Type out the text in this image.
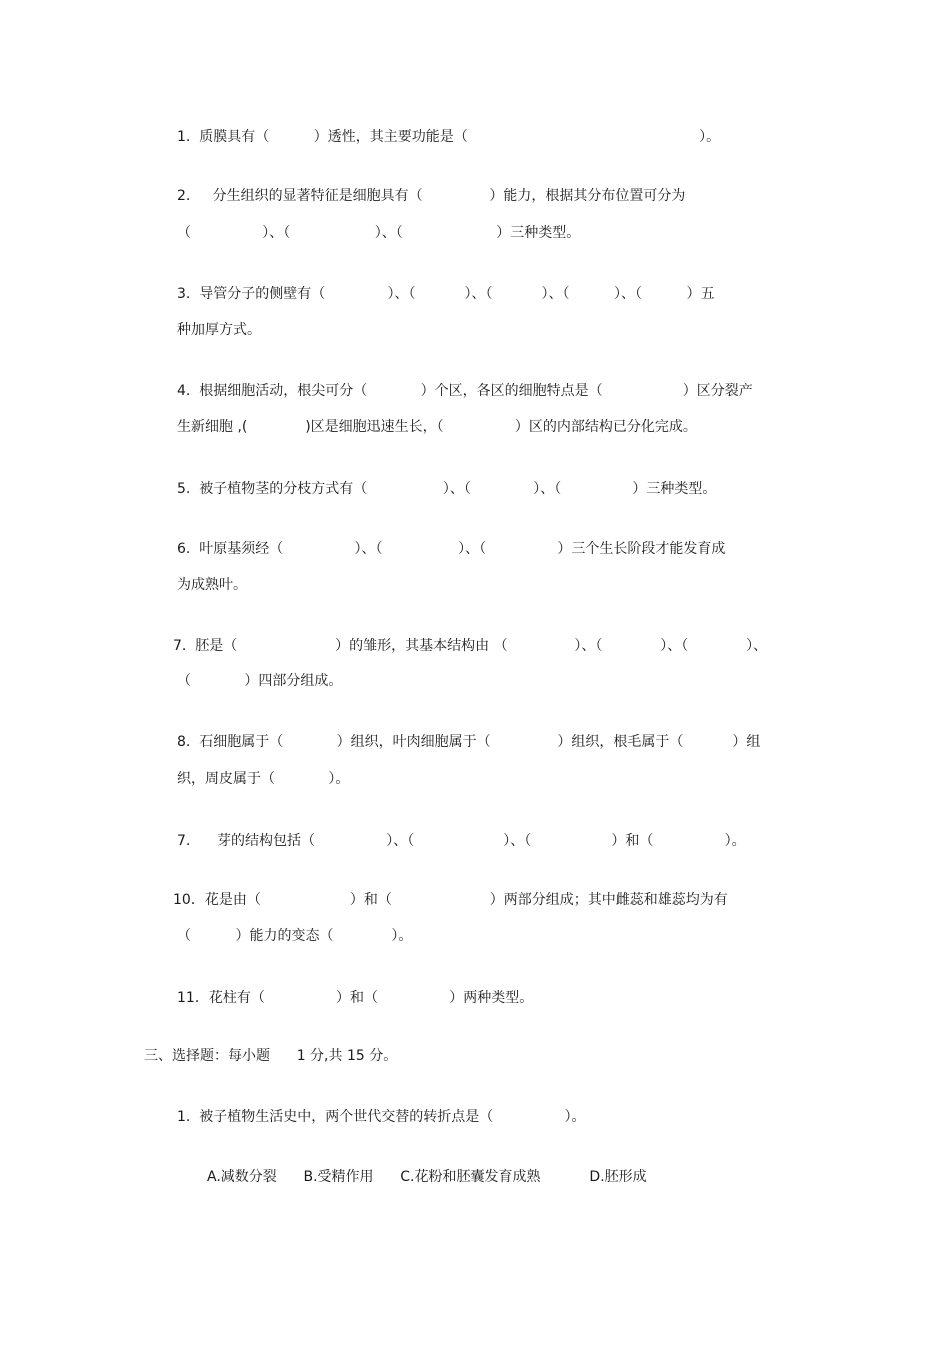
1.  质膜具有（          ）透性，其主要功能是（                                                    ）。
2.     分生组织的显著特征是细胞具有（               ）能力，根据其分布位置可分为
（                ）、（                   ）、（                     ）三种类型。
3.  导管分子的侧壁有（              ）、（           ）、（           ）、（          ）、（          ）五
种加厚方式。
4.  根据细胞活动，根尖可分（            ）个区，各区的细胞特点是（                  ）区分裂产
生新细胞 ,(             )区是细胞迅速生长，（                ）区的内部结构已分化完成。
5.  被子植物茎的分枝方式有（                 ）、（              ）、（                ）三种类型。
6.  叶原基须经（                ）、（                 ）、（                ）三个生长阶段才能发育成
为成熟叶。
7.  胚是（                      ）的雏形，其基本结构由 （               ）、（             ）、（             ）、
（            ）四部分组成。
8.  石细胞属于（            ）组织，叶肉细胞属于（               ）组织，根毛属于（           ）组
织，周皮属于（            ）。
7.      芽的结构包括（                ）、（                    ）、（                  ）和（                ）。
10．花是由（                    ）和（                      ）两部分组成；其中雌蕊和雄蕊均为有
（          ）能力的变态（             ）。
11．花柱有（                ）和（                ）两种类型。
三、选择题：每小题      1 分,共 15 分。
1.  被子植物生活史中，两个世代交替的转折点是（                ）。
A.减数分裂      B.受精作用      C.花粉和胚囊发育成熟           D.胚形成
